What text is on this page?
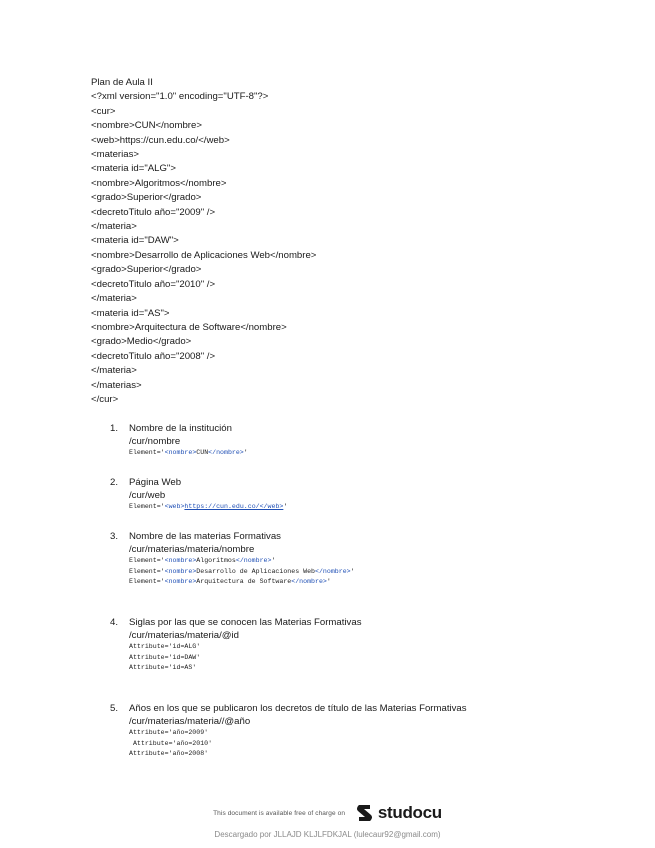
Plan de Aula II
<?xml version="1.0" encoding="UTF-8"?>
<cur>
<nombre>CUN</nombre>
<web>https://cun.edu.co/</web>
<materias>
<materia id="ALG">
<nombre>Algoritmos</nombre>
<grado>Superior</grado>
<decretoTitulo año="2009" />
</materia>
<materia id="DAW">
<nombre>Desarrollo de Aplicaciones Web</nombre>
<grado>Superior</grado>
<decretoTitulo año="2010" />
</materia>
<materia id="AS">
<nombre>Arquitectura de Software</nombre>
<grado>Medio</grado>
<decretoTitulo año="2008" />
</materia>
</materias>
</cur>
1. Nombre de la institución
/cur/nombre
Element='<nombre>CUN</nombre>'
2. Página Web
/cur/web
Element='<web>https://cun.edu.co/</web>'
3. Nombre de las materias Formativas
/cur/materias/materia/nombre
Element='<nombre>Algoritmos</nombre>'
Element='<nombre>Desarrollo de Aplicaciones Web</nombre>'
Element='<nombre>Arquitectura de Software</nombre>'
4. Siglas por las que se conocen las Materias Formativas
/cur/materias/materia/@id
Attribute='id=ALG'
Attribute='id=DAW'
Attribute='id=AS'
5. Años en los que se publicaron los decretos de título de las Materias Formativas
/cur/materias/materia//@año
Attribute='año=2009'
Attribute='año=2010'
Attribute='año=2008'
This document is available free of charge on studocu
Descargado por JLLAJD KLJLFDKJAL (lulecaur92@gmail.com)
